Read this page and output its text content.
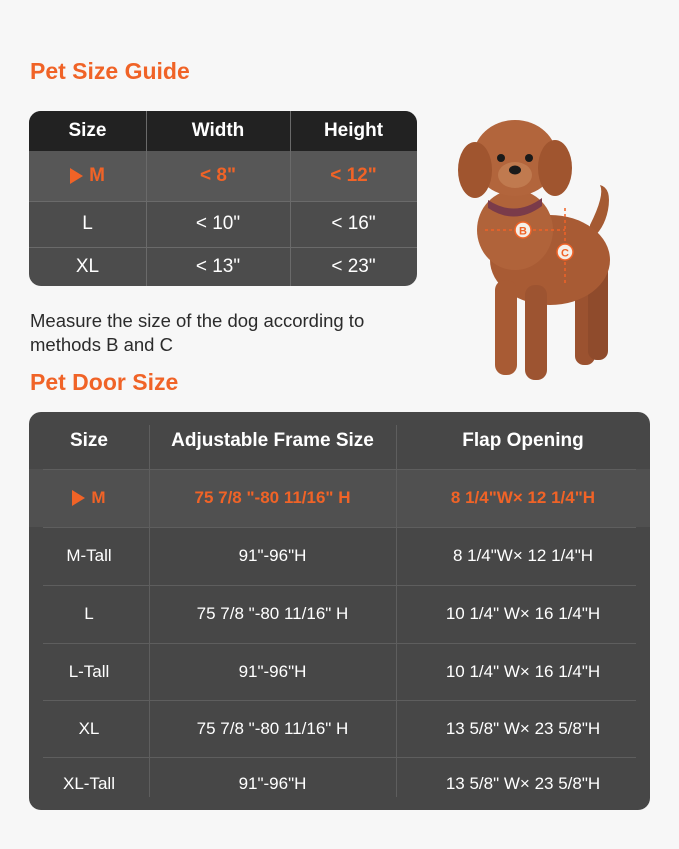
Pet Size Guide
Size	Width	Height
M	< 8"	< 12"
L	< 10"	< 16"
XL	< 13"	< 23"

Measure the size of the dog according to methods B and C

B
C
Pet Door Size
Size	Adjustable Frame Size	Flap Opening
M	75 7/8 "-80 11/16" H	8 1/4"W× 12 1/4"H
M-Tall	91"-96"H	8 1/4"W× 12 1/4"H
L	75 7/8 "-80 11/16" H	10 1/4" W× 16 1/4"H
L-Tall	91"-96"H	10 1/4" W× 16 1/4"H
XL	75 7/8 "-80 11/16" H	13 5/8" W× 23 5/8"H
XL-Tall	91"-96"H	13 5/8" W× 23 5/8"H
